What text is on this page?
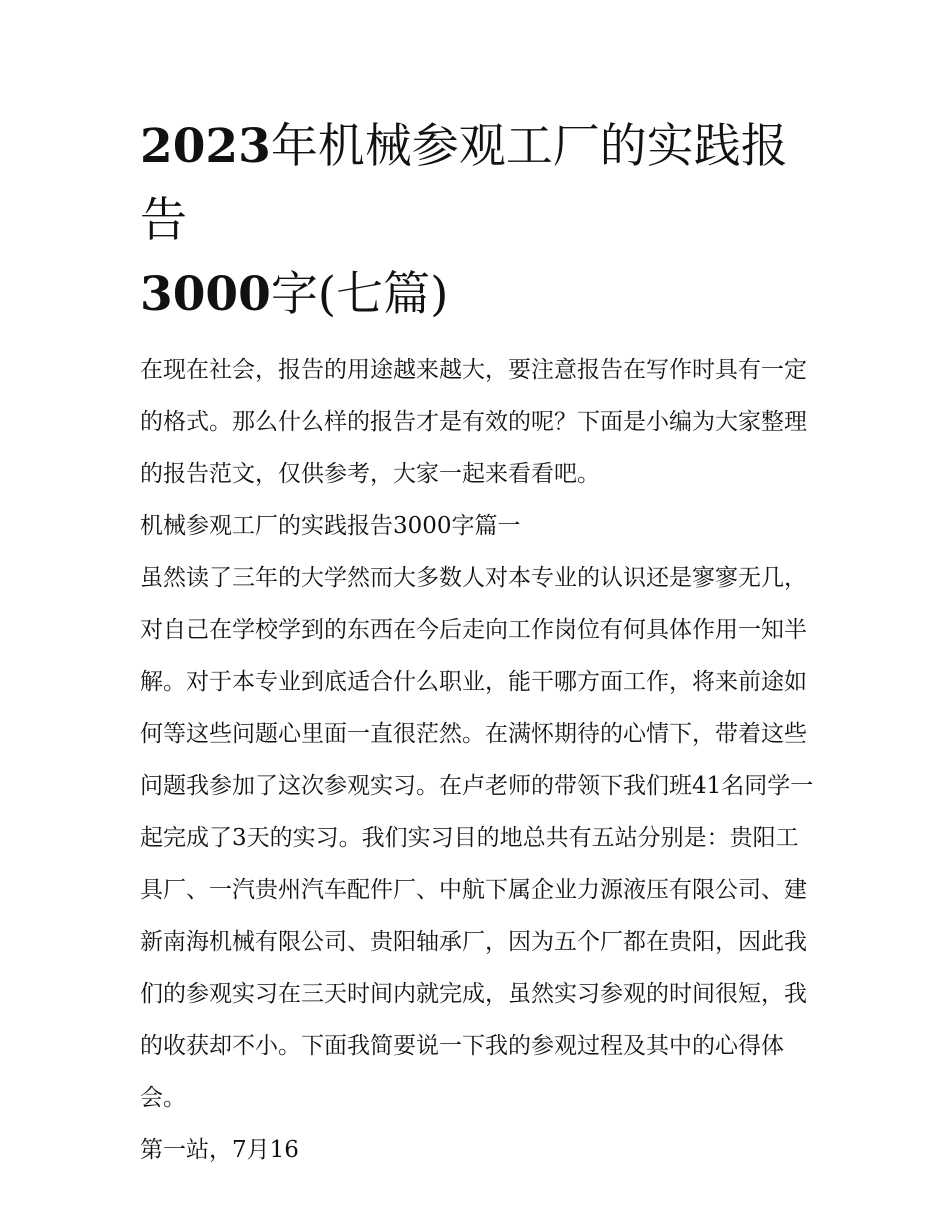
2023年机械参观工厂的实践报告
3000字(七篇)

在现在社会，报告的用途越来越大，要注意报告在写作时具有一定的格式。那么什么样的报告才是有效的呢？下面是小编为大家整理的报告范文，仅供参考，大家一起来看看吧。

机械参观工厂的实践报告3000字篇一

虽然读了三年的大学然而大多数人对本专业的认识还是寥寥无几，对自己在学校学到的东西在今后走向工作岗位有何具体作用一知半解。对于本专业到底适合什么职业，能干哪方面工作，将来前途如何等这些问题心里面一直很茫然。在满怀期待的心情下，带着这些问题我参加了这次参观实习。在卢老师的带领下我们班41名同学一起完成了3天的实习。我们实习目的地总共有五站分别是：贵阳工具厂、一汽贵州汽车配件厂、中航下属企业力源液压有限公司、建新南海机械有限公司、贵阳轴承厂，因为五个厂都在贵阳，因此我们的参观实习在三天时间内就完成，虽然实习参观的时间很短，我的收获却不小。下面我简要说一下我的参观过程及其中的心得体会。

第一站，7月16
